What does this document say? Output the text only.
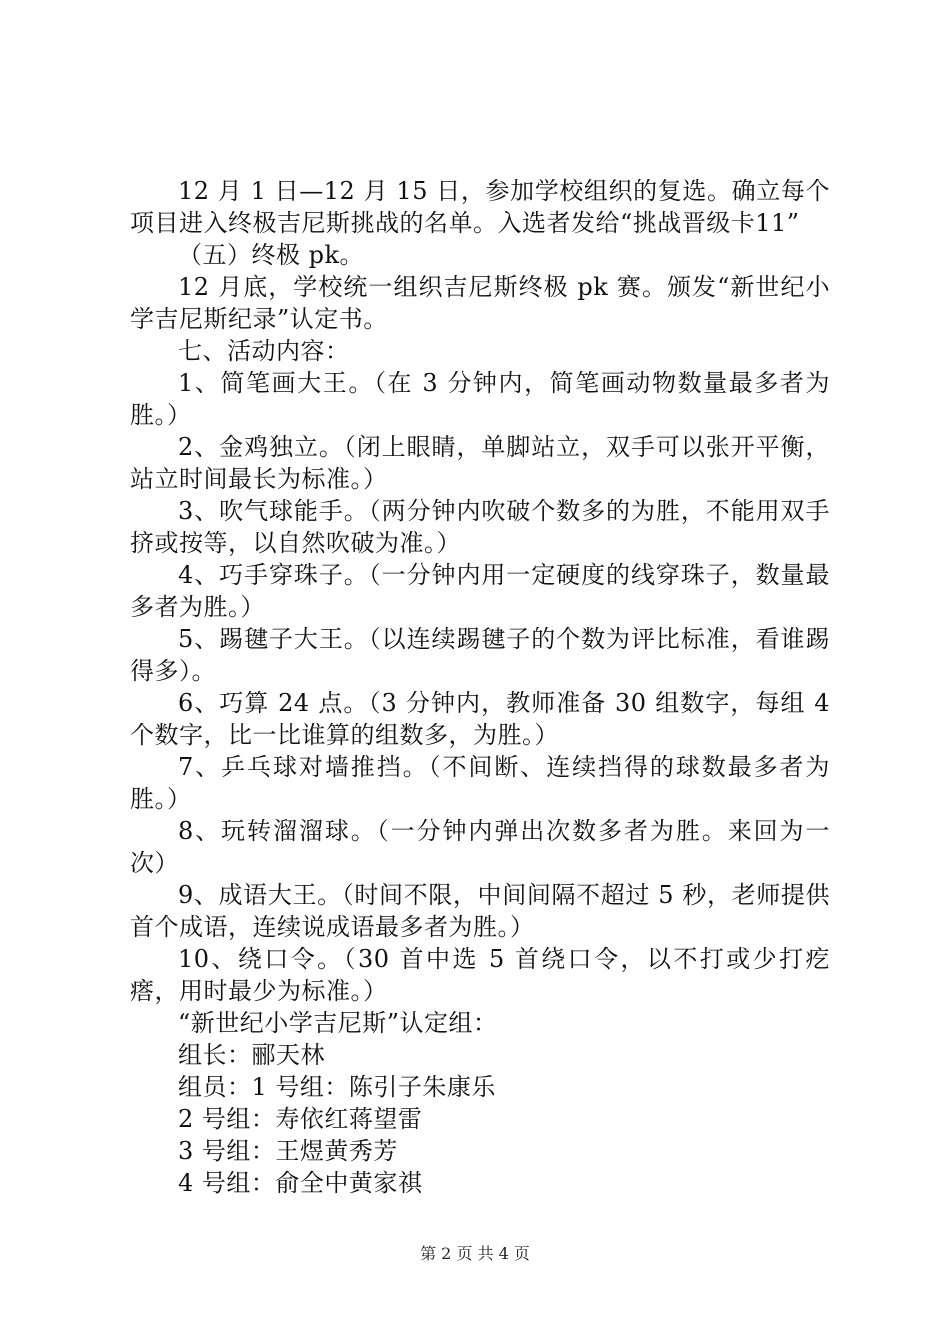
12 月 1 日—12 月 15 日，参加学校组织的复选。确立每个项目进入终极吉尼斯挑战的名单。入选者发给“挑战晋级卡11”

（五）终极 pk。

12 月底，学校统一组织吉尼斯终极 pk 赛。颁发“新世纪小学吉尼斯纪录”认定书。

七、活动内容：

1、简笔画大王。（在 3 分钟内，简笔画动物数量最多者为胜。）

2、金鸡独立。（闭上眼睛，单脚站立，双手可以张开平衡，站立时间最长为标准。）

3、吹气球能手。（两分钟内吹破个数多的为胜，不能用双手挤或按等，以自然吹破为准。）

4、巧手穿珠子。（一分钟内用一定硬度的线穿珠子，数量最多者为胜。）

5、踢毽子大王。（以连续踢毽子的个数为评比标准，看谁踢得多）。

6、巧算 24 点。（3 分钟内，教师准备 30 组数字，每组 4个数字，比一比谁算的组数多，为胜。）

7、乒乓球对墙推挡。（不间断、连续挡得的球数最多者为胜。）

8、玩转溜溜球。（一分钟内弹出次数多者为胜。来回为一次）

9、成语大王。（时间不限，中间间隔不超过 5 秒，老师提供首个成语，连续说成语最多者为胜。）

10、绕口令。（30 首中选 5 首绕口令，以不打或少打疙瘩，用时最少为标准。）

“新世纪小学吉尼斯”认定组：

组长：郦天林

组员：1 号组：陈引子朱康乐

2 号组：寿依红蒋望雷

3 号组：王煜黄秀芳

4 号组：俞全中黄家祺

第 2 页 共 4 页
